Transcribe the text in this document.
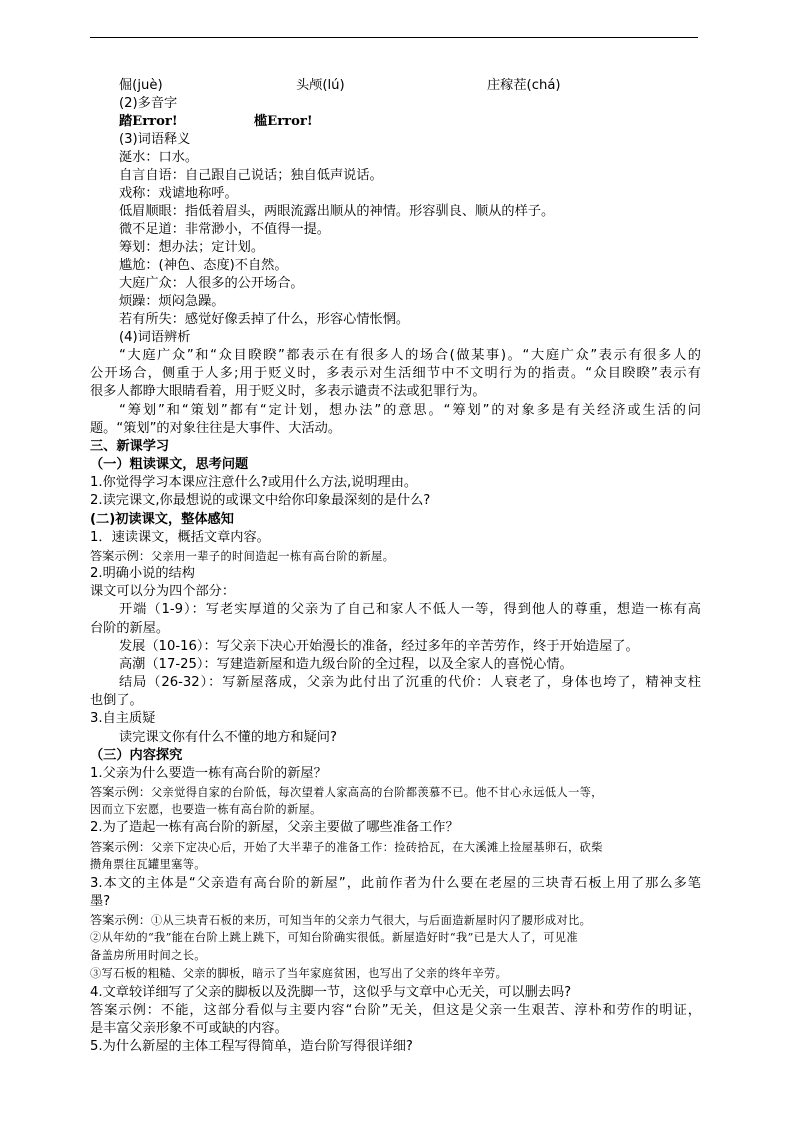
倔(juè)	头颅(lú)	庄稼茬(chá)
(2)多音字
踏Error!	槛Error!
(3)词语释义
涎水：口水。
自言自语：自己跟自己说话；独自低声说话。
戏称：戏谑地称呼。
低眉顺眼：指低着眉头，两眼流露出顺从的神情。形容驯良、顺从的样子。
微不足道：非常渺小，不值得一提。
筹划：想办法；定计划。
尴尬：(神色、态度)不自然。
大庭广众：人很多的公开场合。
烦躁：烦闷急躁。
若有所失：感觉好像丢掉了什么，形容心情怅惘。
(4)词语辨析
“大庭广众”和“众目睽睽”都表示在有很多人的场合(做某事)。“大庭广众”表示有很多人的
公开场合，侧重于人多;用于贬义时，多表示对生活细节中不文明行为的指责。“众目睽睽”表示有
很多人都睁大眼睛看着，用于贬义时，多表示谴责不法或犯罪行为。
“筹划”和“策划”都有“定计划，想办法”的意思。“筹划”的对象多是有关经济或生活的问
题。“策划”的对象往往是大事件、大活动。
三、新课学习
（一）粗读课文，思考问题
1.你觉得学习本课应注意什么?或用什么方法,说明理由。
2.读完课文,你最想说的或课文中给你印象最深刻的是什么?
(二)初读课文，整体感知
1．速读课文，概括文章内容。
答案示例：父亲用一辈子的时间造起一栋有高台阶的新屋。
2.明确小说的结构
课文可以分为四个部分：
开端（1-9）：写老实厚道的父亲为了自己和家人不低人一等，得到他人的尊重，想造一栋有高
台阶的新屋。
发展（10-16）：写父亲下决心开始漫长的准备，经过多年的辛苦劳作，终于开始造屋了。
高潮（17-25）：写建造新屋和造九级台阶的全过程，以及全家人的喜悦心情。
结局（26-32）：写新屋落成，父亲为此付出了沉重的代价：人衰老了，身体也垮了，精神支柱
也倒了。
3.自主质疑
读完课文你有什么不懂的地方和疑问?
（三）内容探究
1.父亲为什么要造一栋有高台阶的新屋？
答案示例：父亲觉得自家的台阶低，每次望着人家高高的台阶都羡慕不已。他不甘心永远低人一等，
因而立下宏愿，也要造一栋有高台阶的新屋。
2.为了造起一栋有高台阶的新屋，父亲主要做了哪些准备工作？
答案示例：父亲下定决心后，开始了大半辈子的准备工作：捡砖拾瓦，在大溪滩上捡屋基卵石，砍柴
攒角票往瓦罐里塞等。
3.本文的主体是“父亲造有高台阶的新屋”，此前作者为什么要在老屋的三块青石板上用了那么多笔
墨?
答案示例：①从三块青石板的来历，可知当年的父亲力气很大，与后面造新屋时闪了腰形成对比。
②从年幼的“我”能在台阶上跳上跳下，可知台阶确实很低。新屋造好时“我”已是大人了，可见准
备盖房所用时间之长。
③写石板的粗糙、父亲的脚板，暗示了当年家庭贫困，也写出了父亲的终年辛劳。
4.文章较详细写了父亲的脚板以及洗脚一节，这似乎与文章中心无关，可以删去吗?
答案示例：不能，这部分看似与主要内容“台阶”无关，但这是父亲一生艰苦、淳朴和劳作的明证，
是丰富父亲形象不可或缺的内容。
5.为什么新屋的主体工程写得简单，造台阶写得很详细?
